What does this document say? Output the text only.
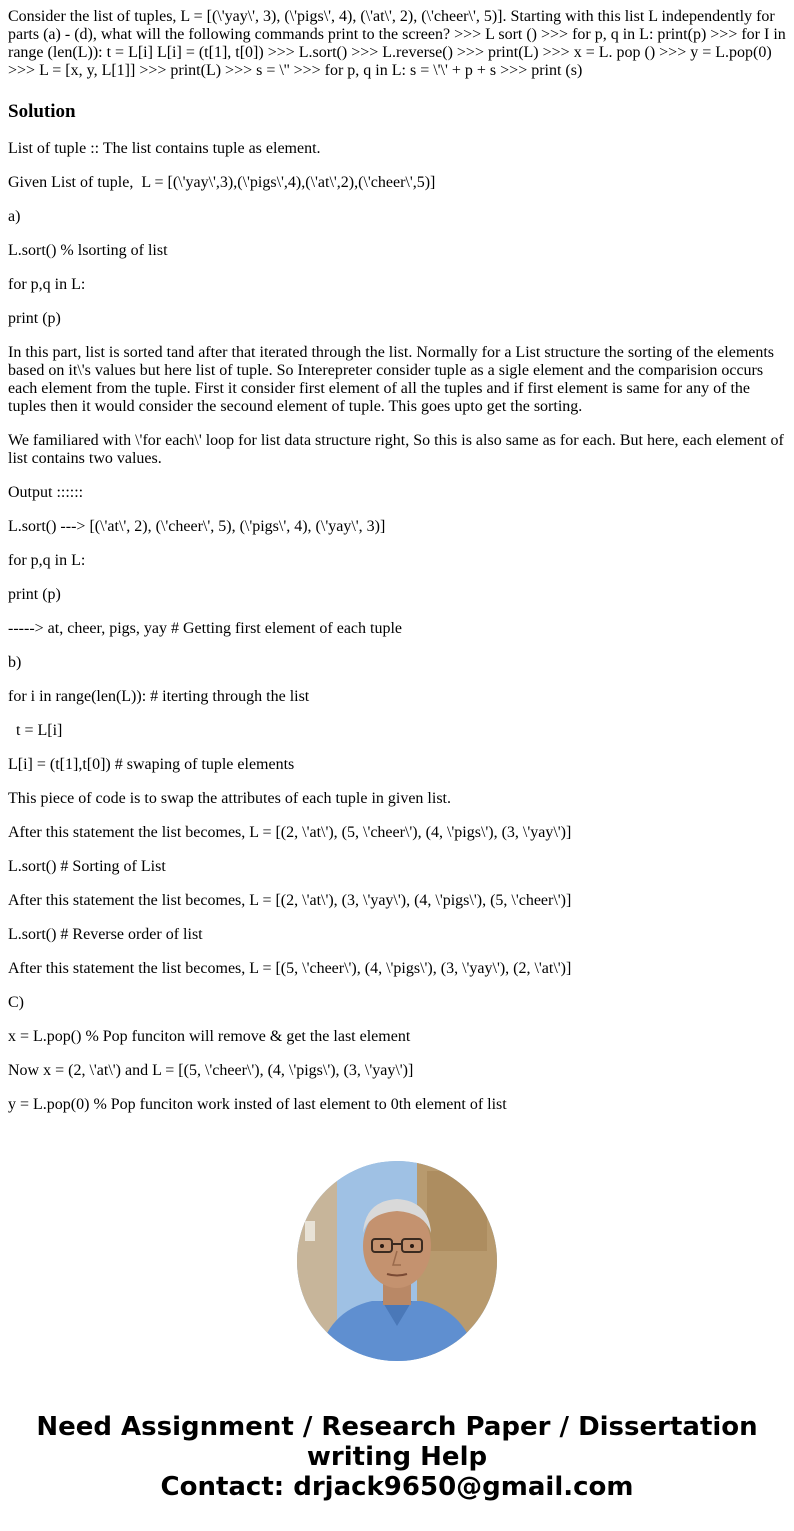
Consider the list of tuples, L = [(\'yay\', 3), (\'pigs\', 4), (\'at\', 2), (\'cheer\', 5)]. Starting with this list L independently for parts (a) - (d), what will the following commands print to the screen? >>> L sort () >>> for p, q in L: print(p) >>> for I in range (len(L)): t = L[i] L[i] = (t[1], t[0]) >>> L.sort() >>> L.reverse() >>> print(L) >>> x = L. pop () >>> y = L.pop(0) >>> L = [x, y, L[1]] >>> print(L) >>> s = \'' >>> for p, q in L: s = \'\' + p + s >>> print (s)
Solution

List of tuple :: The list contains tuple as element.

Given List of tuple,  L = [(\'yay\',3),(\'pigs\',4),(\'at\',2),(\'cheer\',5)]

a)

L.sort() % lsorting of list

for p,q in L:

print (p)

In this part, list is sorted tand after that iterated through the list. Normally for a List structure the sorting of the elements based on it\'s values but here list of tuple. So Interepreter consider tuple as a sigle element and the comparision occurs each element from the tuple. First it consider first element of all the tuples and if first element is same for any of the tuples then it would consider the secound element of tuple. This goes upto get the sorting.

We familiared with \'for each\' loop for list data structure right, So this is also same as for each. But here, each element of list contains two values.

Output ::::::

L.sort() ---> [(\'at\', 2), (\'cheer\', 5), (\'pigs\', 4), (\'yay\', 3)]

for p,q in L:

print (p)

-----> at, cheer, pigs, yay # Getting first element of each tuple

b)

for i in range(len(L)): # iterting through the list

t = L[i]

L[i] = (t[1],t[0]) # swaping of tuple elements

This piece of code is to swap the attributes of each tuple in given list.

After this statement the list becomes, L = [(2, \'at\'), (5, \'cheer\'), (4, \'pigs\'), (3, \'yay\')]

L.sort() # Sorting of List

After this statement the list becomes, L = [(2, \'at\'), (3, \'yay\'), (4, \'pigs\'), (5, \'cheer\')]

L.sort() # Reverse order of list

After this statement the list becomes, L = [(5, \'cheer\'), (4, \'pigs\'), (3, \'yay\'), (2, \'at\')]

C)

x = L.pop() % Pop funciton will remove & get the last element

Now x = (2, \'at\') and L = [(5, \'cheer\'), (4, \'pigs\'), (3, \'yay\')]

y = L.pop(0) % Pop funciton work insted of last element to 0th element of list

Need Assignment / Research Paper / Dissertation
writing Help
Contact: drjack9650@gmail.com
